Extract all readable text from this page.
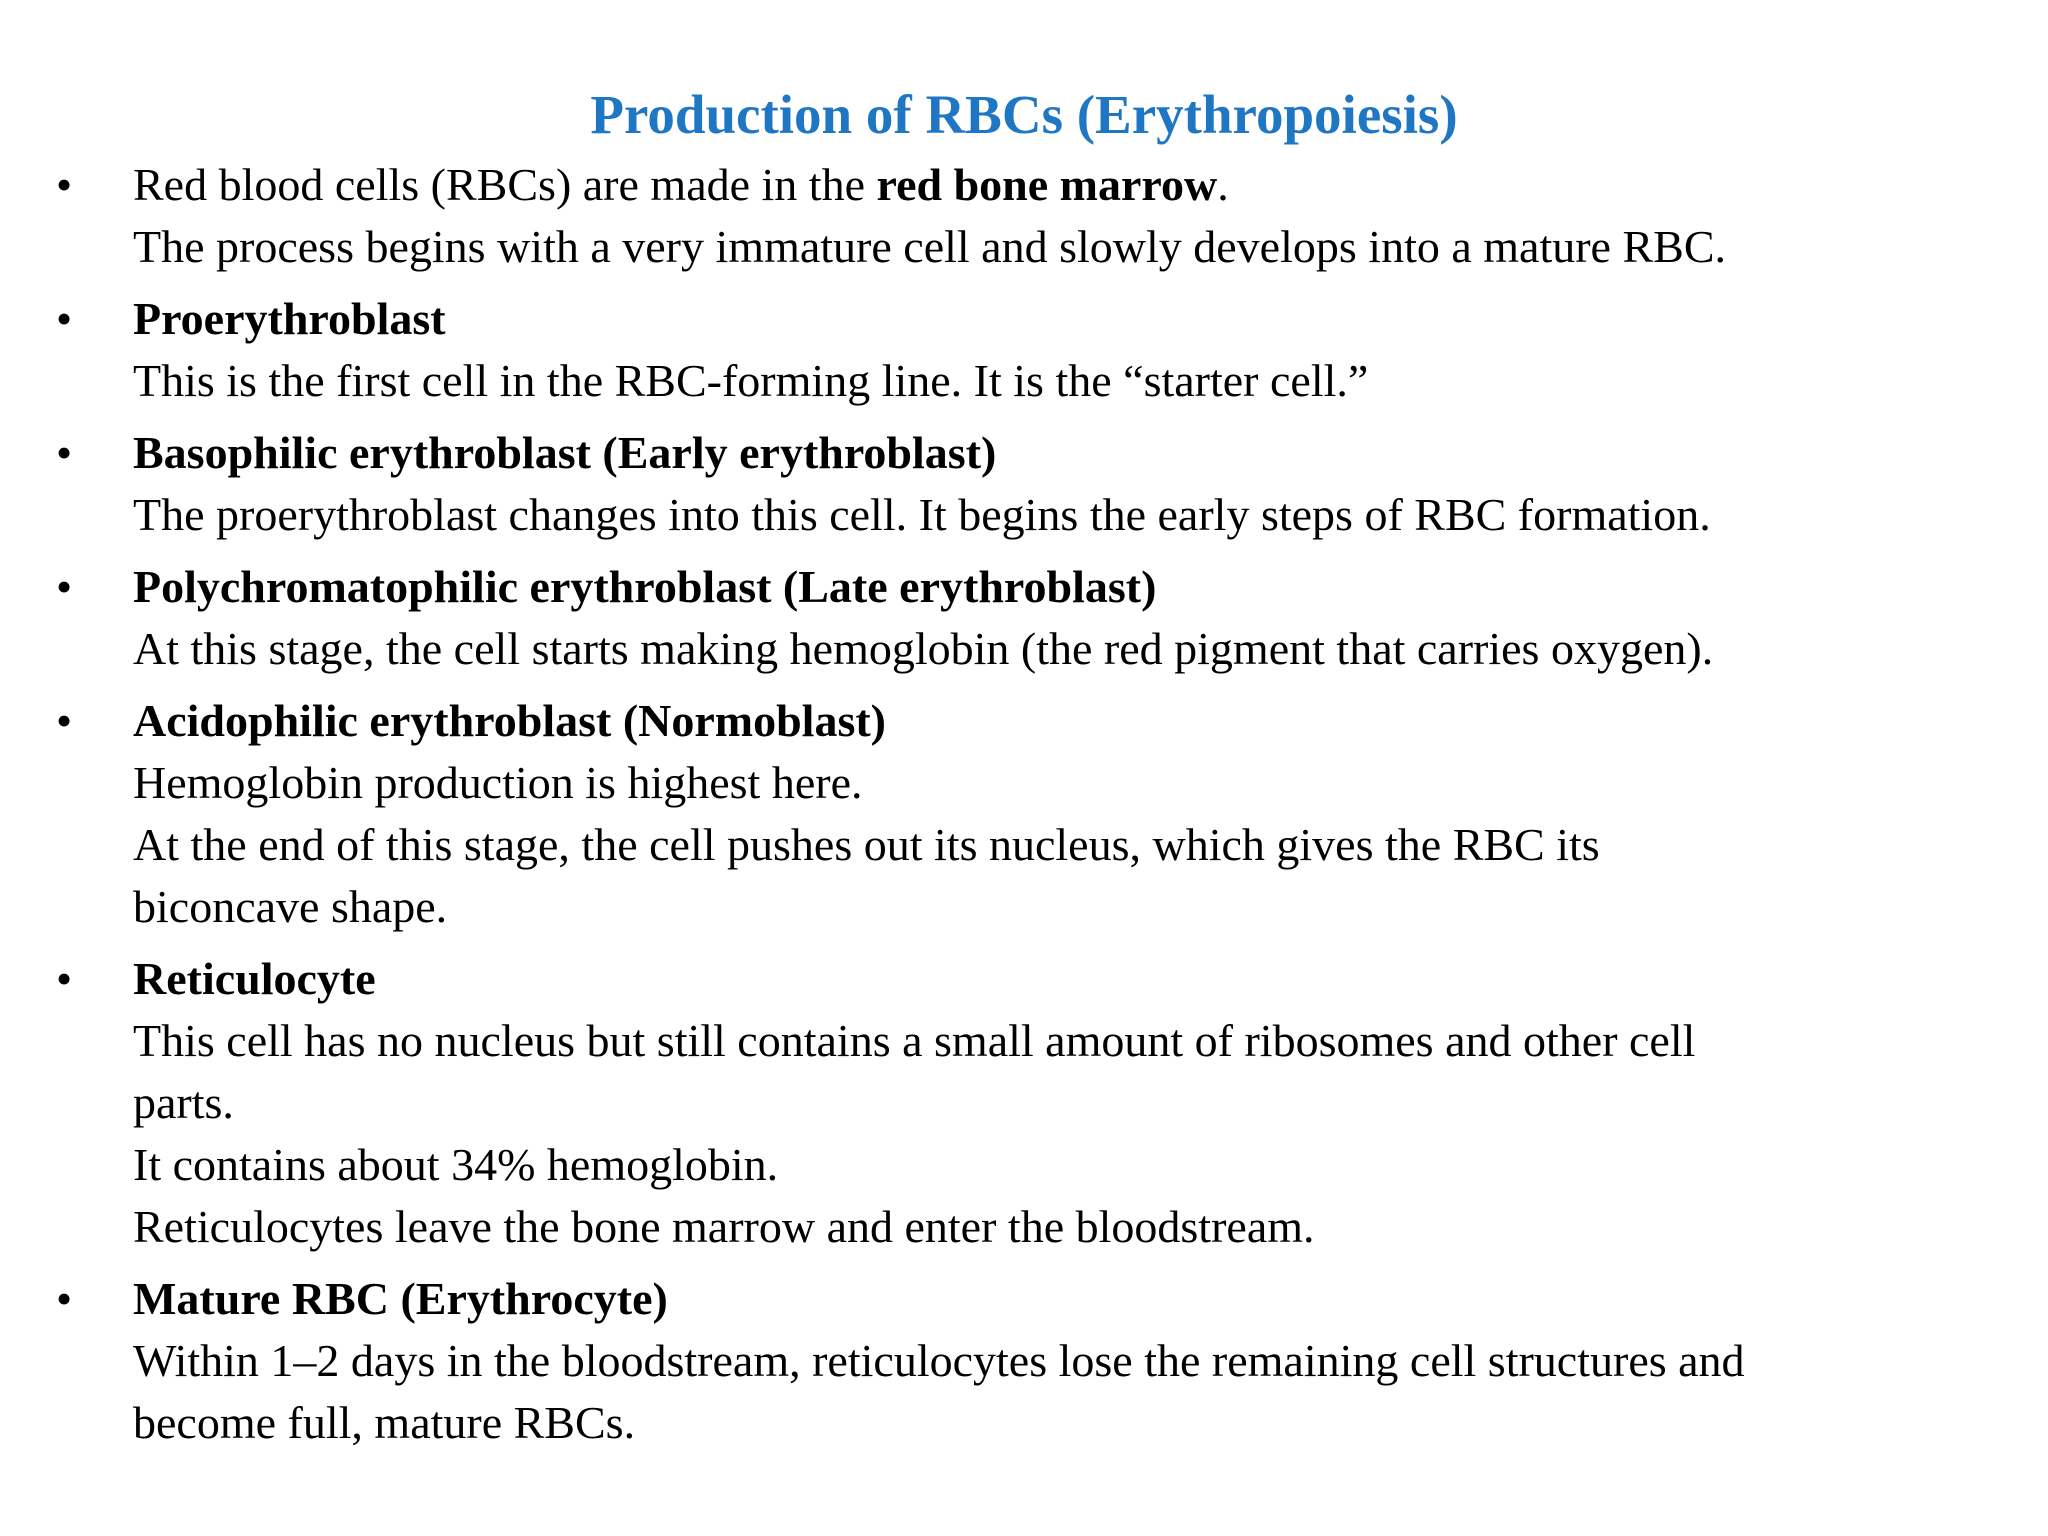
Production of RBCs (Erythropoiesis)
• Red blood cells (RBCs) are made in the red bone marrow.
The process begins with a very immature cell and slowly develops into a mature RBC.
• Proerythroblast
This is the first cell in the RBC-forming line. It is the “starter cell.”
• Basophilic erythroblast (Early erythroblast)
The proerythroblast changes into this cell. It begins the early steps of RBC formation.
• Polychromatophilic erythroblast (Late erythroblast)
At this stage, the cell starts making hemoglobin (the red pigment that carries oxygen).
• Acidophilic erythroblast (Normoblast)
Hemoglobin production is highest here.
At the end of this stage, the cell pushes out its nucleus, which gives the RBC its
biconcave shape.
• Reticulocyte
This cell has no nucleus but still contains a small amount of ribosomes and other cell
parts.
It contains about 34% hemoglobin.
Reticulocytes leave the bone marrow and enter the bloodstream.
• Mature RBC (Erythrocyte)
Within 1–2 days in the bloodstream, reticulocytes lose the remaining cell structures and
become full, mature RBCs.
